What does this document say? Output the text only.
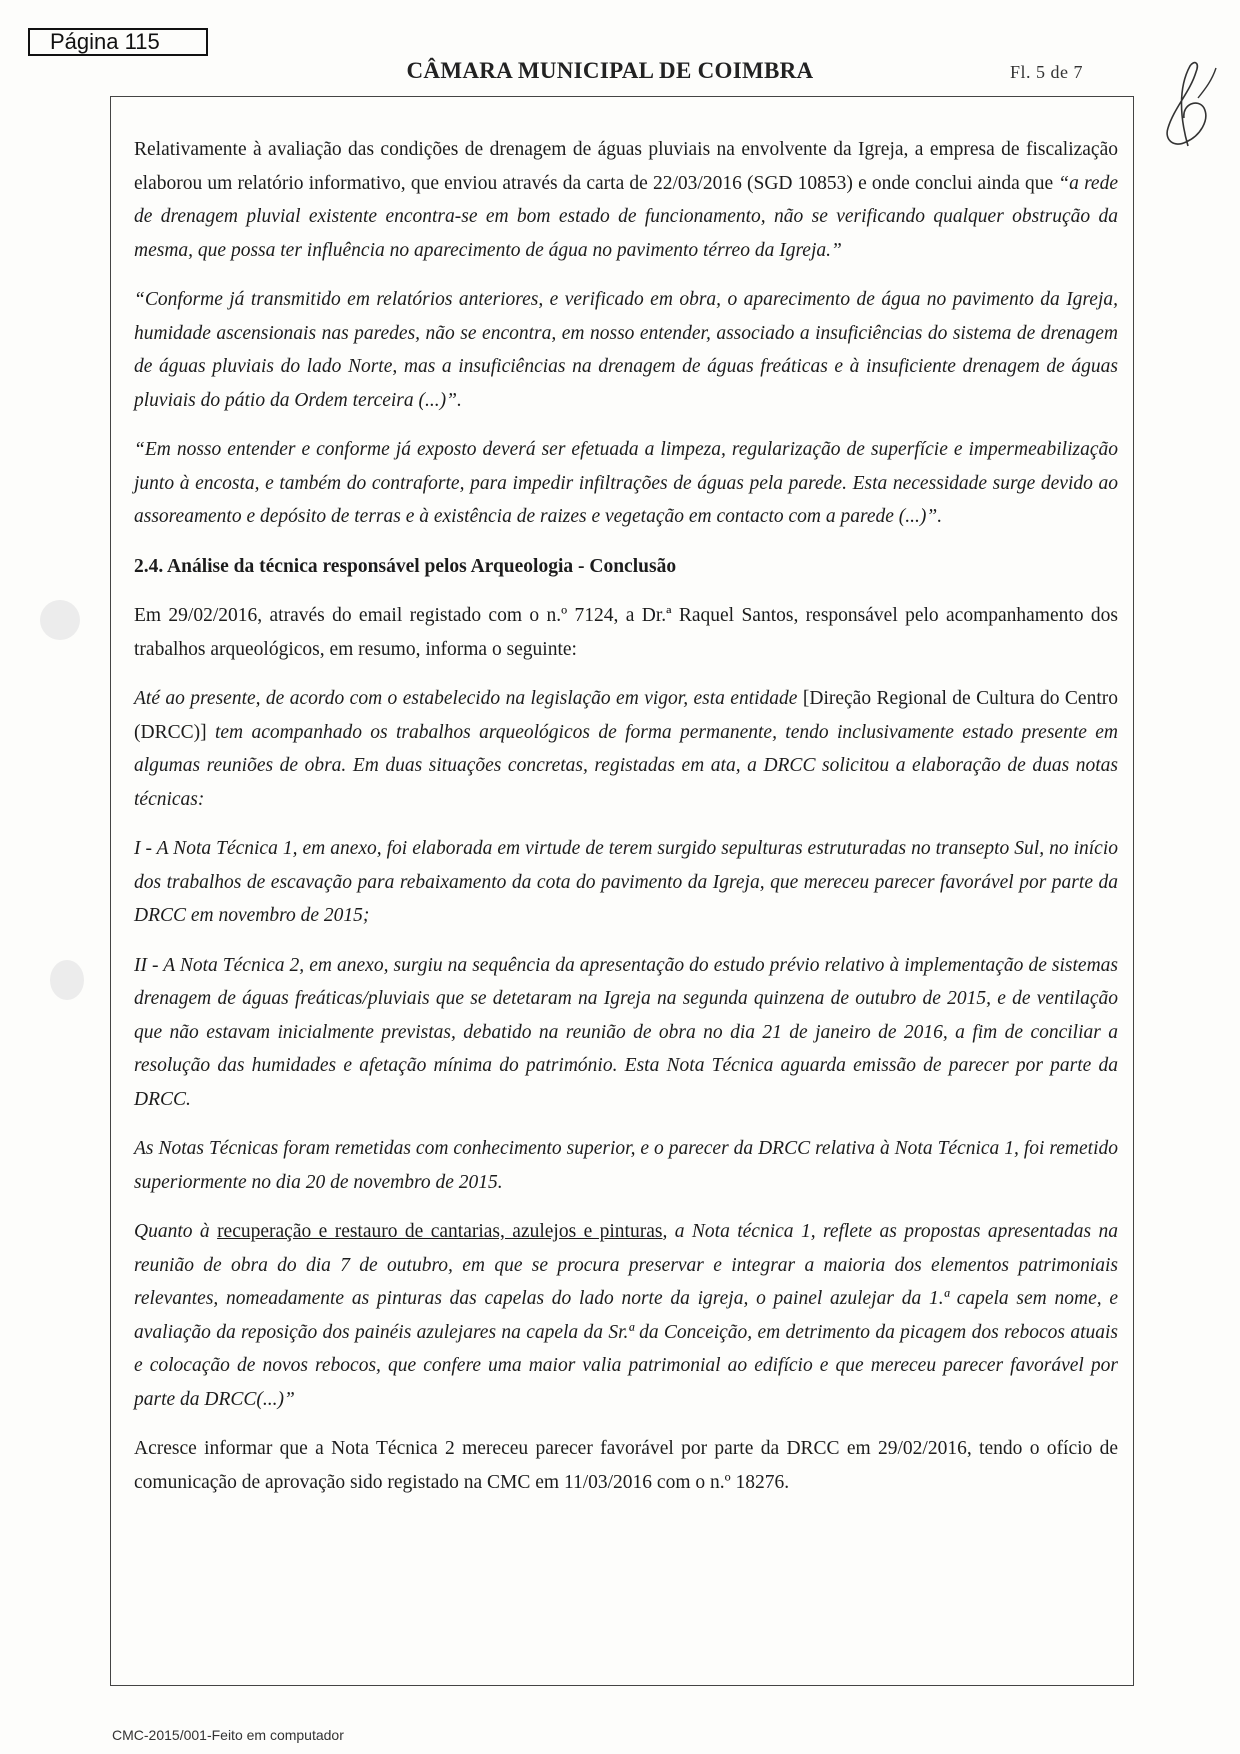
Página 115
CÂMARA MUNICIPAL DE COIMBRA	Fl. 5 de 7

Relativamente à avaliação das condições de drenagem de águas pluviais na envolvente da Igreja, a empresa de fiscalização elaborou um relatório informativo, que enviou através da carta de 22/03/2016 (SGD 10853) e onde conclui ainda que “a rede de drenagem pluvial existente encontra-se em bom estado de funcionamento, não se verificando qualquer obstrução da mesma, que possa ter influência no aparecimento de água no pavimento térreo da Igreja.”

“Conforme já transmitido em relatórios anteriores, e verificado em obra, o aparecimento de água no pavimento da Igreja, humidade ascensionais nas paredes, não se encontra, em nosso entender, associado a insuficiências do sistema de drenagem de águas pluviais do lado Norte, mas a insuficiências na drenagem de águas freáticas e à insuficiente drenagem de águas pluviais do pátio da Ordem terceira (...)”.

“Em nosso entender e conforme já exposto deverá ser efetuada a limpeza, regularização de superfície e impermeabilização junto à encosta, e também do contraforte, para impedir infiltrações de águas pela parede. Esta necessidade surge devido ao assoreamento e depósito de terras e à existência de raizes e vegetação em contacto com a parede (...)”.

2.4. Análise da técnica responsável pelos Arqueologia - Conclusão

Em 29/02/2016, através do email registado com o n.º 7124, a Dr.ª Raquel Santos, responsável pelo acompanhamento dos trabalhos arqueológicos, em resumo, informa o seguinte:

Até ao presente, de acordo com o estabelecido na legislação em vigor, esta entidade [Direção Regional de Cultura do Centro (DRCC)] tem acompanhado os trabalhos arqueológicos de forma permanente, tendo inclusivamente estado presente em algumas reuniões de obra. Em duas situações concretas, registadas em ata, a DRCC solicitou a elaboração de duas notas técnicas:

I - A Nota Técnica 1, em anexo, foi elaborada em virtude de terem surgido sepulturas estruturadas no transepto Sul, no início dos trabalhos de escavação para rebaixamento da cota do pavimento da Igreja, que mereceu parecer favorável por parte da DRCC em novembro de 2015;

II - A Nota Técnica 2, em anexo, surgiu na sequência da apresentação do estudo prévio relativo à implementação de sistemas drenagem de águas freáticas/pluviais que se detetaram na Igreja na segunda quinzena de outubro de 2015, e de ventilação que não estavam inicialmente previstas, debatido na reunião de obra no dia 21 de janeiro de 2016, a fim de conciliar a resolução das humidades e afetação mínima do património. Esta Nota Técnica aguarda emissão de parecer por parte da DRCC.

As Notas Técnicas foram remetidas com conhecimento superior, e o parecer da DRCC relativa à Nota Técnica 1, foi remetido superiormente no dia 20 de novembro de 2015.

Quanto à recuperação e restauro de cantarias, azulejos e pinturas, a Nota técnica 1, reflete as propostas apresentadas na reunião de obra do dia 7 de outubro, em que se procura preservar e integrar a maioria dos elementos patrimoniais relevantes, nomeadamente as pinturas das capelas do lado norte da igreja, o painel azulejar da 1.ª capela sem nome, e avaliação da reposição dos painéis azulejares na capela da Sr.ª da Conceição, em detrimento da picagem dos rebocos atuais e colocação de novos rebocos, que confere uma maior valia patrimonial ao edifício e que mereceu parecer favorável por parte da DRCC(...)”

Acresce informar que a Nota Técnica 2 mereceu parecer favorável por parte da DRCC em 29/02/2016, tendo o ofício de comunicação de aprovação sido registado na CMC em 11/03/2016 com o n.º 18276.

CMC-2015/001-Feito em computador
